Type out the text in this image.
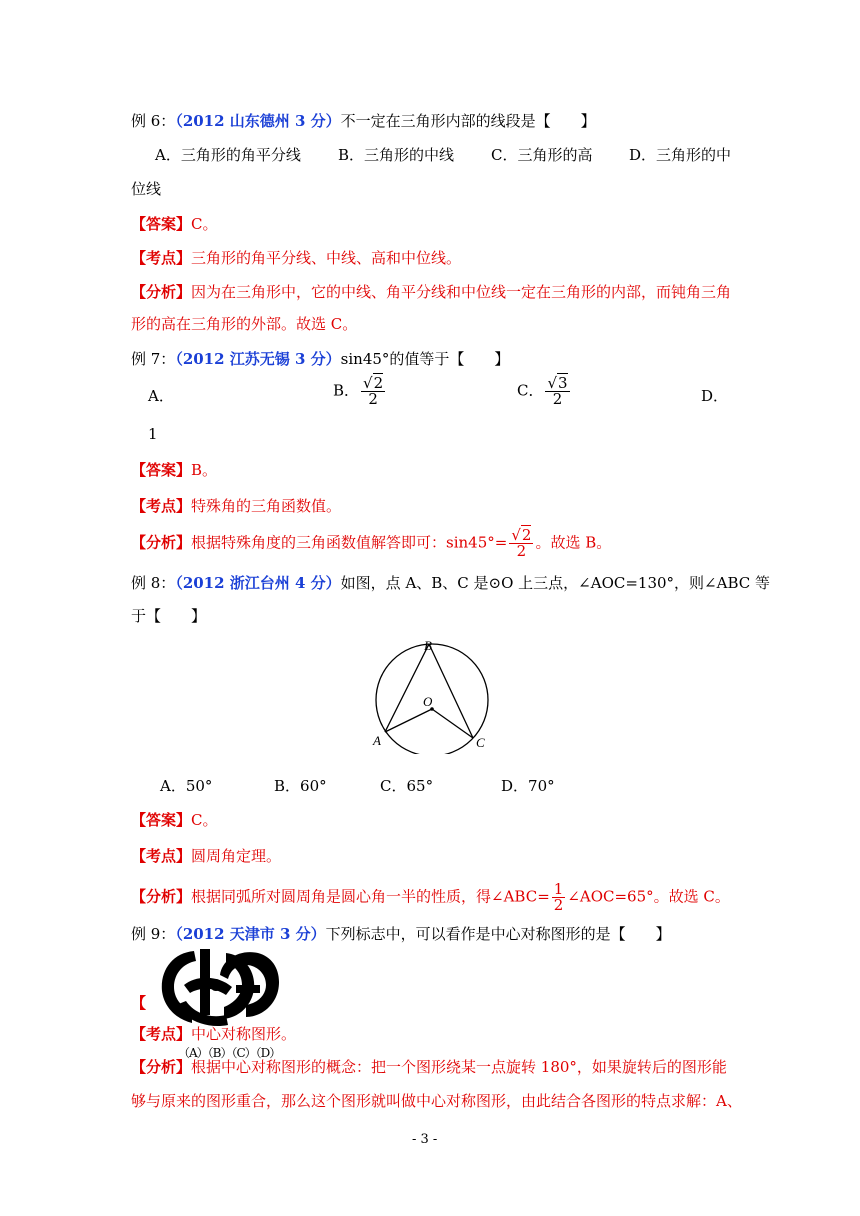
例 6：（2012 山东德州 3 分）不一定在三角形内部的线段是【　　】
A．三角形的角平分线 B．三角形的中线 C．三角形的高 D．三角形的中
位线
【答案】C。
【考点】三角形的角平分线、中线、高和中位线。
【分析】因为在三角形中，它的中线、角平分线和中位线一定在三角形的内部，而钝角三角
形的高在三角形的外部。故选 C。
例 7：（2012 江苏无锡 3 分）sin45°的值等于【　　】
A．	B． $\frac{√2}{2}$	C． $\frac{√3}{2}$	D．
1
【答案】B。
【考点】特殊角的三角函数值。
【分析】根据特殊角度的三角函数值解答即可：$\sin 45^\circ= \frac{√2}{2}$ 。故选 B。
例 8：（2012 浙江台州 4 分）如图，点 A、B、C 是⊙O 上三点，∠AOC=130°，则∠ABC 等
于【　　】
B
O
A	C
A．50°	B．60°	C．65°	D．70°
【答案】C。
【考点】圆周角定理。
【分析】根据同弧所对圆周角是圆心角一半的性质，得∠ABC= $\frac{1}{2}$ ∠AOC=65°。故选 C。
例 9：（2012 天津市 3 分）下列标志中，可以看作是中心对称图形的是【　　】
【
【考点】中心对称图形。
（A）（B）（C）（D）
【分析】根据中心对称图形的概念：把一个图形绕某一点旋转 180°，如果旋转后的图形能
够与原来的图形重合，那么这个图形就叫做中心对称图形，由此结合各图形的特点求解：A、
- 3 -
